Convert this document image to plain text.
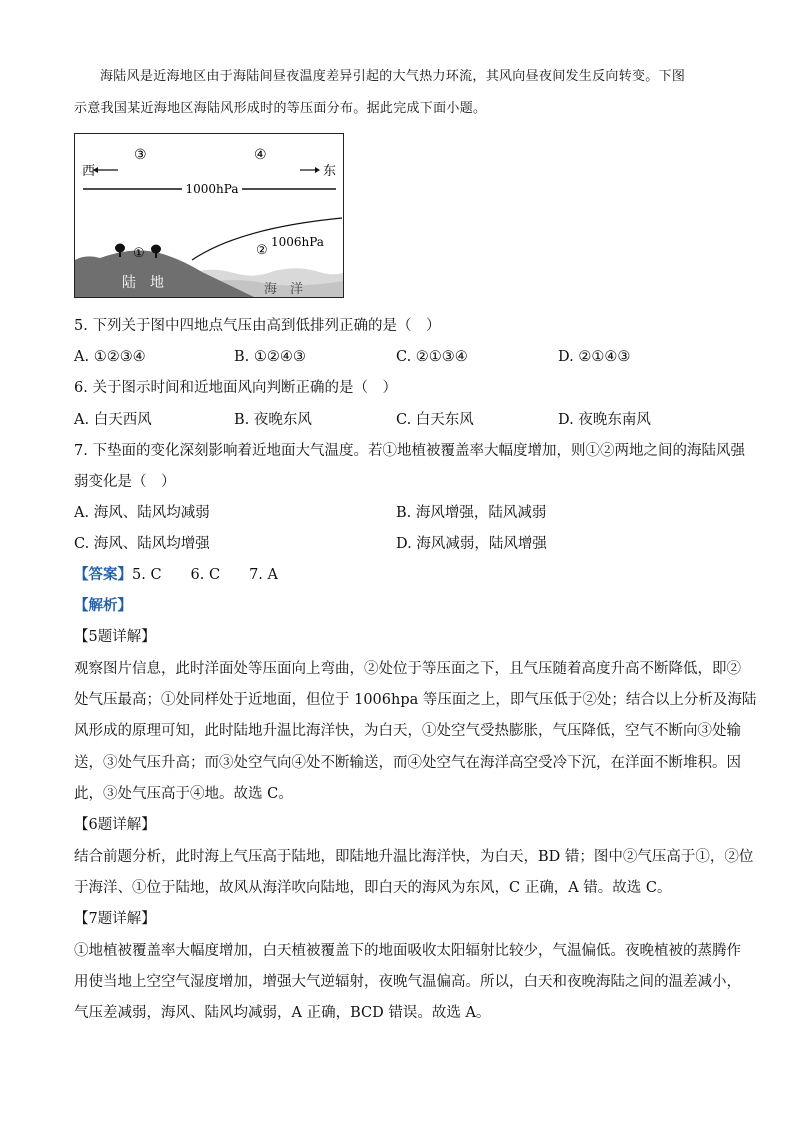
海陆风是近海地区由于海陆间昼夜温度差异引起的大气热力环流，其风向昼夜间发生反向转变。下图
示意我国某近海地区海陆风形成时的等压面分布。据此完成下面小题。
西	东
1000hPa
1006hPa
③	④
①	②
陆　地	海　洋
5. 下列关于图中四地点气压由高到低排列正确的是（　）
A. ①②③④	B. ①②④③	C. ②①③④	D. ②①④③
6. 关于图示时间和近地面风向判断正确的是（　）
A. 白天西风	B. 夜晚东风	C. 白天东风	D. 夜晚东南风
7. 下垫面的变化深刻影响着近地面大气温度。若①地植被覆盖率大幅度增加，则①②两地之间的海陆风强
弱变化是（　）
A. 海风、陆风均减弱	B. 海风增强，陆风减弱
C. 海风、陆风均增强	D. 海风减弱，陆风增强
【答案】5. C　　6. C　　7. A
【解析】
【5题详解】
观察图片信息，此时洋面处等压面向上弯曲，②处位于等压面之下，且气压随着高度升高不断降低，即②
处气压最高；①处同样处于近地面，但位于 1006hpa 等压面之上，即气压低于②处；结合以上分析及海陆
风形成的原理可知，此时陆地升温比海洋快，为白天，①处空气受热膨胀，气压降低，空气不断向③处输
送，③处气压升高；而③处空气向④处不断输送，而④处空气在海洋高空受冷下沉，在洋面不断堆积。因
此，③处气压高于④地。故选 C。
【6题详解】
结合前题分析，此时海上气压高于陆地，即陆地升温比海洋快，为白天，BD 错；图中②气压高于①，②位
于海洋、①位于陆地，故风从海洋吹向陆地，即白天的海风为东风，C 正确，A 错。故选 C。
【7题详解】
①地植被覆盖率大幅度增加，白天植被覆盖下的地面吸收太阳辐射比较少，气温偏低。夜晚植被的蒸腾作
用使当地上空空气湿度增加，增强大气逆辐射，夜晚气温偏高。所以，白天和夜晚海陆之间的温差减小，
气压差减弱，海风、陆风均减弱，A 正确，BCD 错误。故选 A。
